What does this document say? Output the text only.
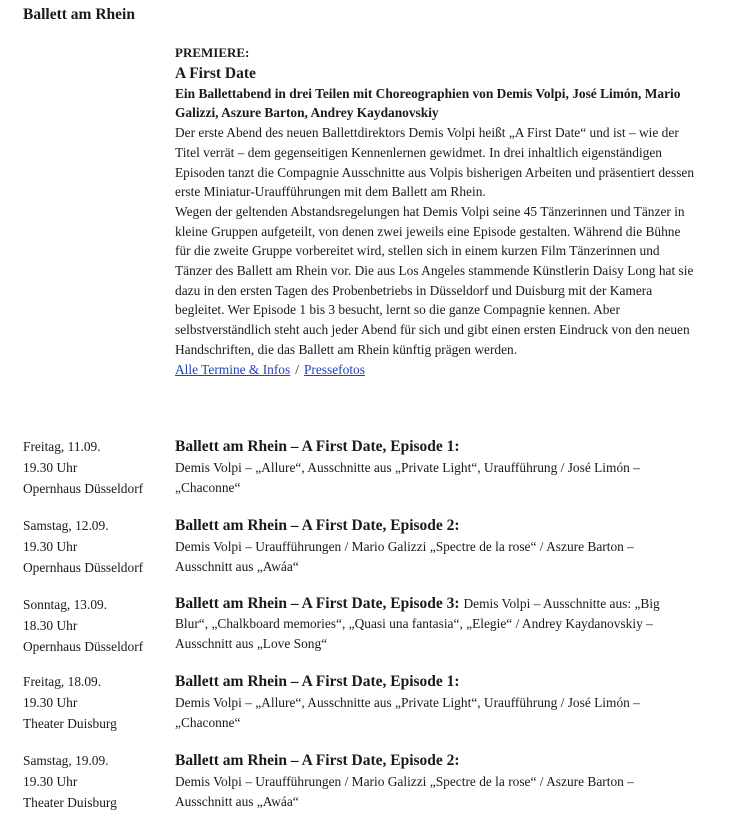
Ballett am Rhein
PREMIERE:
A First Date
Ein Ballettabend in drei Teilen mit Choreographien von Demis Volpi, José Limón, Mario Galizzi, Aszure Barton, Andrey Kaydanovskiy
Der erste Abend des neuen Ballettdirektors Demis Volpi heißt „A First Date“ und ist – wie der Titel verrät – dem gegenseitigen Kennenlernen gewidmet. In drei inhaltlich eigenständigen Episoden tanzt die Compagnie Ausschnitte aus Volpis bisherigen Arbeiten und präsentiert dessen erste Miniatur-Uraufführungen mit dem Ballett am Rhein.
Wegen der geltenden Abstandsregelungen hat Demis Volpi seine 45 Tänzerinnen und Tänzer in kleine Gruppen aufgeteilt, von denen zwei jeweils eine Episode gestalten. Während die Bühne für die zweite Gruppe vorbereitet wird, stellen sich in einem kurzen Film Tänzerinnen und Tänzer des Ballett am Rhein vor. Die aus Los Angeles stammende Künstlerin Daisy Long hat sie dazu in den ersten Tagen des Probenbetriebs in Düsseldorf und Duisburg mit der Kamera begleitet. Wer Episode 1 bis 3 besucht, lernt so die ganze Compagnie kennen. Aber selbstverständlich steht auch jeder Abend für sich und gibt einen ersten Eindruck von den neuen Handschriften, die das Ballett am Rhein künftig prägen werden.
Alle Termine & Infos / Pressefotos
Freitag, 11.09.
19.30 Uhr
Opernhaus Düsseldorf
Ballett am Rhein – A First Date, Episode 1:
Demis Volpi – „Allure“, Ausschnitte aus „Private Light“, Uraufführung / José Limón – „Chaconne“
Samstag, 12.09.
19.30 Uhr
Opernhaus Düsseldorf
Ballett am Rhein – A First Date, Episode 2:
Demis Volpi – Uraufführungen / Mario Galizzi „Spectre de la rose“ / Aszure Barton – Ausschnitt aus „Awáa“
Sonntag, 13.09.
18.30 Uhr
Opernhaus Düsseldorf
Ballett am Rhein – A First Date, Episode 3: Demis Volpi – Ausschnitte aus: „Big Blur“, „Chalkboard memories“, „Quasi una fantasia“, „Elegie“ / Andrey Kaydanovskiy – Ausschnitt aus „Love Song“
Freitag, 18.09.
19.30 Uhr
Theater Duisburg
Ballett am Rhein – A First Date, Episode 1:
Demis Volpi – „Allure“, Ausschnitte aus „Private Light“, Uraufführung / José Limón – „Chaconne“
Samstag, 19.09.
19.30 Uhr
Theater Duisburg
Ballett am Rhein – A First Date, Episode 2:
Demis Volpi – Uraufführungen / Mario Galizzi „Spectre de la rose“ / Aszure Barton – Ausschnitt aus „Awáa“
